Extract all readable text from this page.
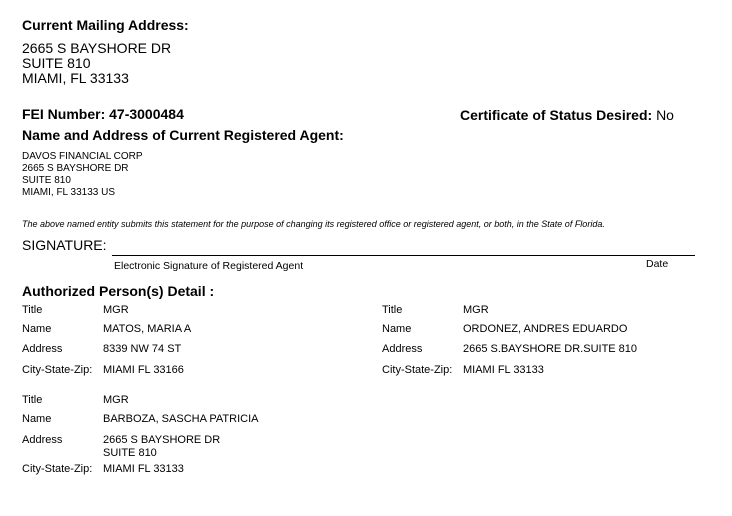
Current Mailing Address:
2665 S BAYSHORE DR
SUITE 810
MIAMI, FL 33133
FEI Number: 47-3000484	Certificate of Status Desired: No
Name and Address of Current Registered Agent:
DAVOS FINANCIAL CORP
2665 S BAYSHORE DR
SUITE 810
MIAMI, FL 33133 US
The above named entity submits this statement for the purpose of changing its registered office or registered agent, or both, in the State of Florida.
SIGNATURE:
Electronic Signature of Registered Agent	Date
Authorized Person(s) Detail :
Title	MGR
Name	MATOS, MARIA A
Address	8339 NW 74 ST
City-State-Zip: MIAMI FL 33166
Title	MGR
Name	ORDONEZ, ANDRES EDUARDO
Address	2665 S.BAYSHORE DR.SUITE 810
City-State-Zip: MIAMI FL 33133
Title	MGR
Name	BARBOZA, SASCHA PATRICIA
Address	2665 S BAYSHORE DR
SUITE 810
City-State-Zip: MIAMI FL 33133
